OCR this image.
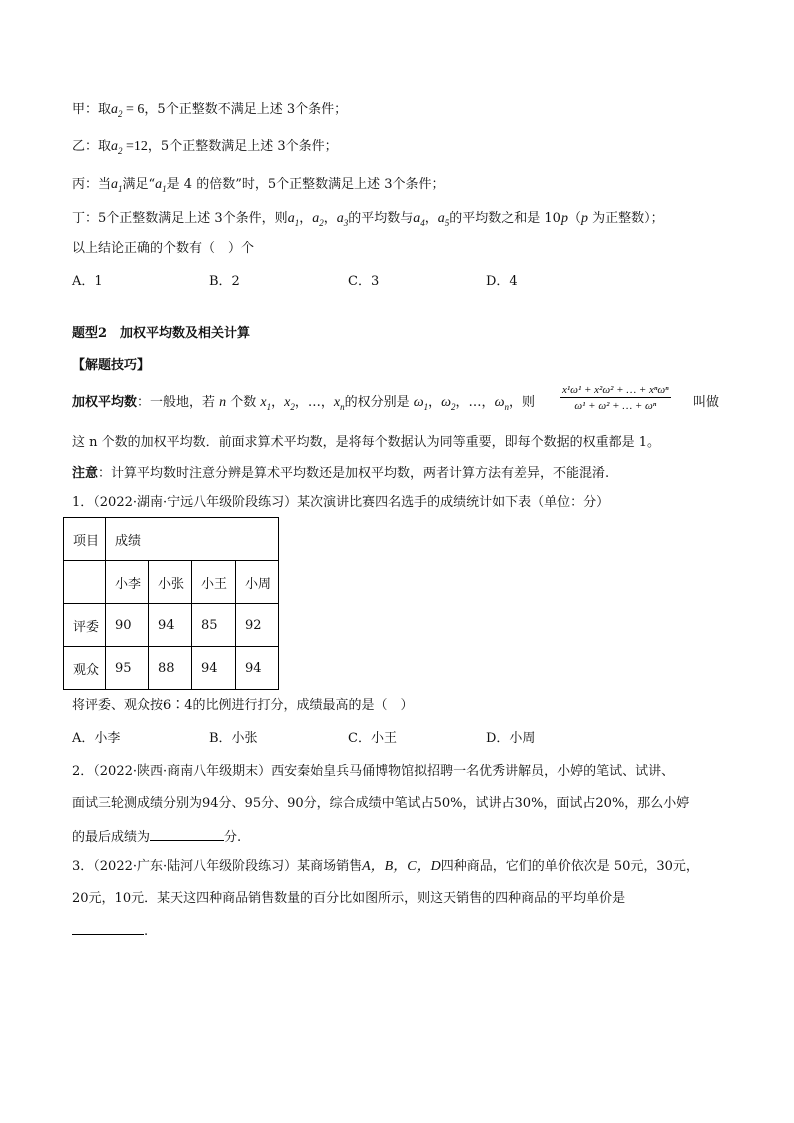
甲：取$a_2 = 6$，5个正整数不满足上述 3个条件；
乙：取$a_2 =12$，5个正整数满足上述 3个条件；
丙：当$a_1$满足“$a_1$是 4 的倍数”时，5个正整数满足上述 3个条件；
丁：5个正整数满足上述 3个条件，则$a_1$，$a_2$，$a_3$的平均数与$a_4$，$a_5$的平均数之和是 10p（p 为正整数）；
以上结论正确的个数有（　）个
A．1	B．2	C．3	D．4
题型2　加权平均数及相关计算
【解题技巧】
加权平均数：一般地，若 n 个数 $x_1$，$x_2$，…，$x_n$的权分别是 $\omega_1$，$\omega_2$，…，$\omega_n$，则
x¹ω¹ + x²ω² + … + xⁿωⁿ
ω¹ + ω² + … + ωⁿ	叫做
这 n 个数的加权平均数．前面求算术平均数，是将每个数据认为同等重要，即每个数据的权重都是 1。
注意：计算平均数时注意分辨是算术平均数还是加权平均数，两者计算方法有差异，不能混淆.
1．（2022·湖南·宁远八年级阶段练习）某次演讲比赛四名选手的成绩统计如下表（单位：分）
项目	成绩			
	小李	小张	小王	小周
评委	90	94	85	92
观众	95	88	94	94
将评委、观众按6∶4的比例进行打分，成绩最高的是（　）
A．小李	B．小张	C．小王	D．小周
2．（2022·陕西·商南八年级期末）西安秦始皇兵马俑博物馆拟招聘一名优秀讲解员，小婷的笔试、试讲、
面试三轮测成绩分别为94分、95分、90分，综合成绩中笔试占50%，试讲占30%，面试占20%，那么小婷
的最后成绩为	分.
3．（2022·广东·陆河八年级阶段练习）某商场销售A，B，C，D四种商品，它们的单价依次是 50元，30元，
20元，10元．某天这四种商品销售数量的百分比如图所示，则这天销售的四种商品的平均单价是
.
